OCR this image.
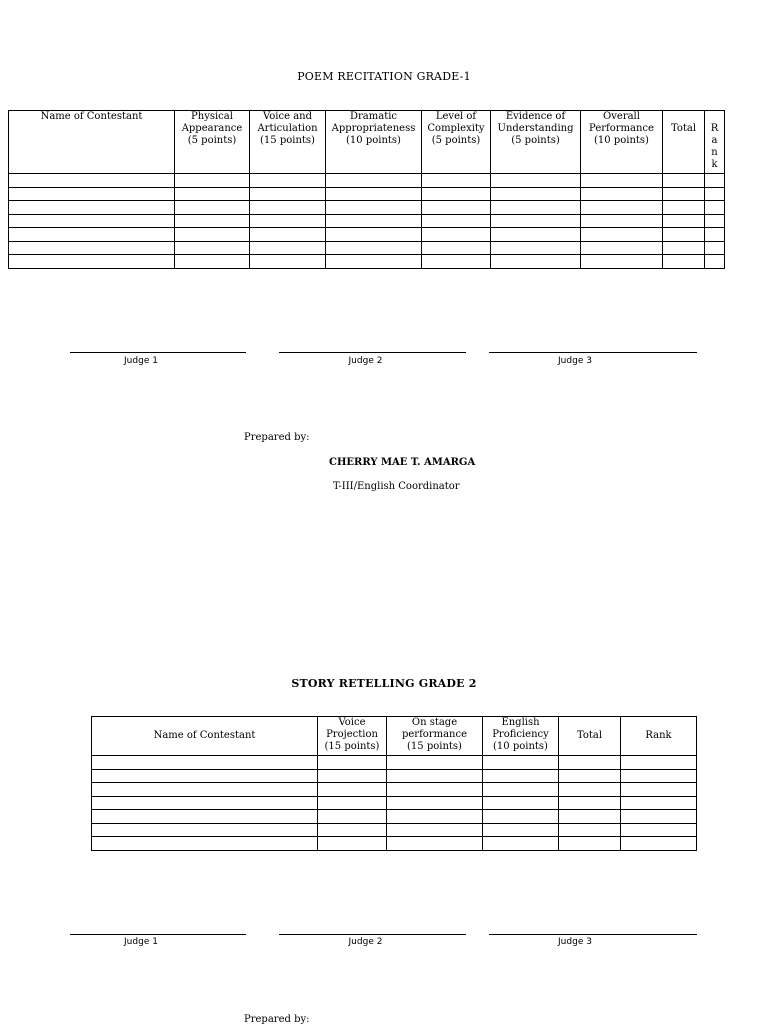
POEM RECITATION GRADE-1
Name of Contestant	Physical
Appearance
(5 points)	Voice and
Articulation
(15 points)	Dramatic
Appropriateness
(10 points)	Level of
Complexity
(5 points)	Evidence of
Understanding
(5 points)	Overall
Performance
(10 points)	Total	R
a
n
k

Judge 1	Judge 2	Judge 3
Prepared by:
CHERRY MAE T. AMARGA
T-III/English Coordinator
STORY RETELLING GRADE 2
Name of Contestant	Voice
Projection
(15 points)	On stage
performance
(15 points)	English
Proficiency
(10 points)	Total	Rank

Judge 1	Judge 2	Judge 3
Prepared by:
